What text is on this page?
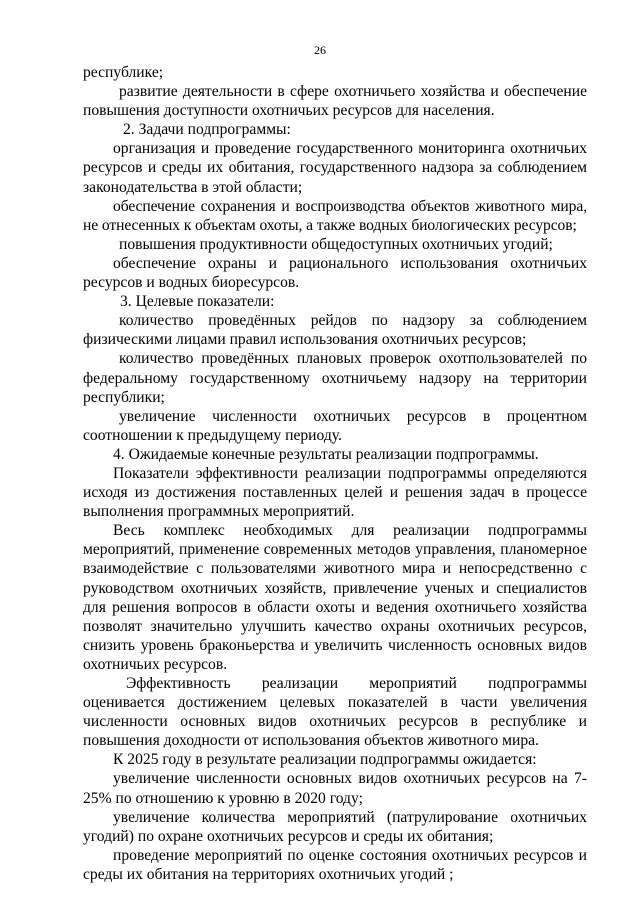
26

республике;

развитие деятельности в сфере охотничьего хозяйства и обеспечение повышения доступности охотничьих ресурсов для населения.

2. Задачи подпрограммы:

организация и проведение государственного мониторинга охотничьих ресурсов и среды их обитания, государственного надзора за соблюдением законодательства в этой области;

обеспечение сохранения и воспроизводства объектов животного мира, не отнесенных к объектам охоты, а также водных биологических ресурсов;

повышения продуктивности общедоступных охотничьих угодий;

обеспечение охраны и рационального использования охотничьих ресурсов и водных биоресурсов.

3. Целевые показатели:

количество проведённых рейдов по надзору за соблюдением физическими лицами правил использования охотничьих ресурсов;

количество проведённых плановых проверок охотпользователей по федеральному государственному охотничьему надзору на территории республики;

увеличение численности охотничьих ресурсов в процентном соотношении к предыдущему периоду.

4. Ожидаемые конечные результаты реализации подпрограммы.

Показатели эффективности реализации подпрограммы определяются исходя из достижения поставленных целей и решения задач в процессе выполнения программных мероприятий.

Весь комплекс необходимых для реализации подпрограммы мероприятий, применение современных методов управления, планомерное взаимодействие с пользователями животного мира и непосредственно с руководством охотничьих хозяйств, привлечение ученых и специалистов для решения вопросов в области охоты и ведения охотничьего хозяйства позволят значительно улучшить качество охраны охотничьих ресурсов, снизить уровень браконьерства и увеличить численность основных видов охотничьих ресурсов.

Эффективность реализации мероприятий подпрограммы оценивается достижением целевых показателей в части увеличения численности основных видов охотничьих ресурсов в республике и повышения доходности от использования объектов животного мира.

К 2025 году в результате реализации подпрограммы ожидается:

увеличение численности основных видов охотничьих ресурсов на 7-25% по отношению к уровню в 2020 году;

увеличение количества мероприятий (патрулирование охотничьих угодий) по охране охотничьих ресурсов и среды их обитания;

проведение мероприятий по оценке состояния охотничьих ресурсов и среды их обитания на территориях охотничьих угодий ;
